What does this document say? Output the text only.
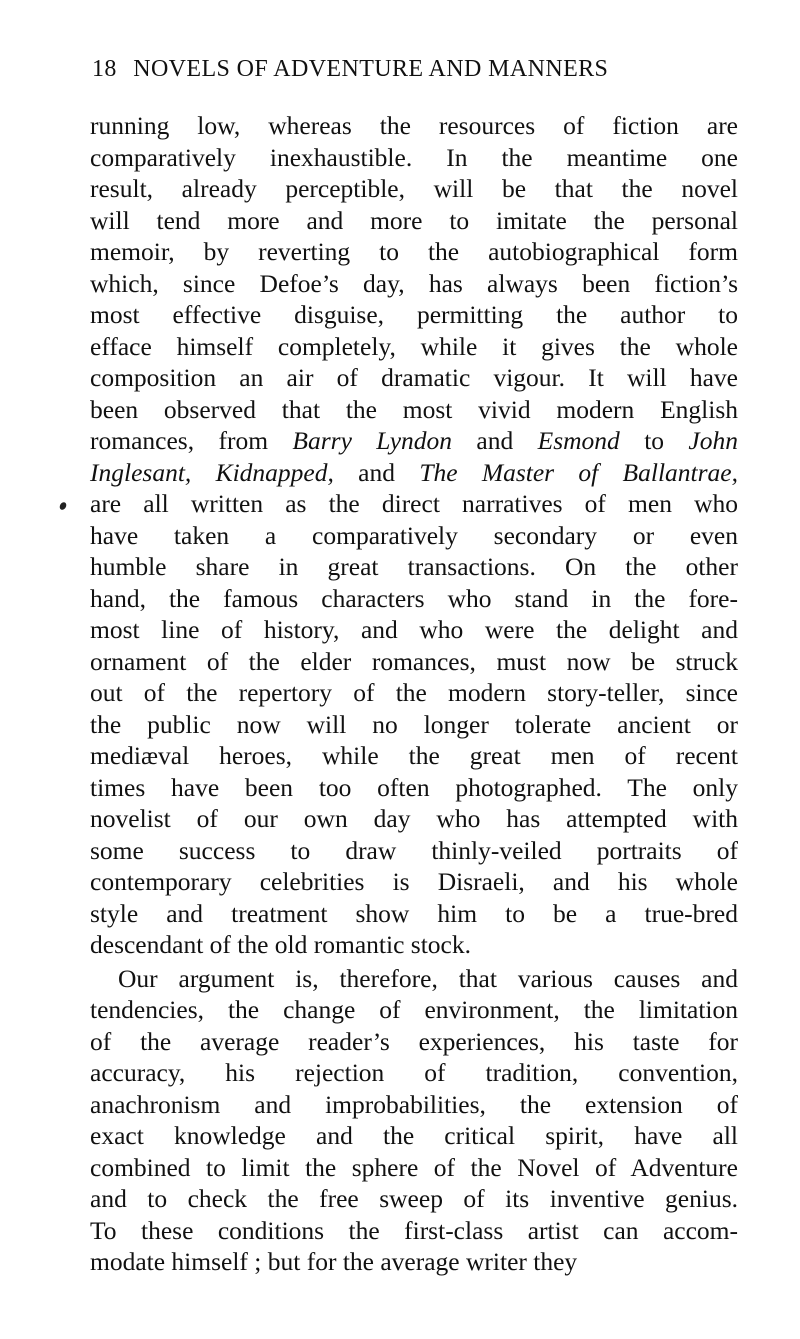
18 NOVELS OF ADVENTURE AND MANNERS
running low, whereas the resources of fiction are
comparatively inexhaustible. In the meantime one
result, already perceptible, will be that the novel
will tend more and more to imitate the personal
memoir, by reverting to the autobiographical form
which, since Defoe’s day, has always been fiction’s
most effective disguise, permitting the author to
efface himself completely, while it gives the whole
composition an air of dramatic vigour. It will have
been observed that the most vivid modern English
romances, from Barry Lyndon and Esmond to John
Inglesant, Kidnapped, and The Master of Ballantrae,
are all written as the direct narratives of men who
have taken a comparatively secondary or even
humble share in great transactions. On the other
hand, the famous characters who stand in the fore-
most line of history, and who were the delight and
ornament of the elder romances, must now be struck
out of the repertory of the modern story-teller, since
the public now will no longer tolerate ancient or
mediæval heroes, while the great men of recent
times have been too often photographed. The only
novelist of our own day who has attempted with
some success to draw thinly-veiled portraits of
contemporary celebrities is Disraeli, and his whole
style and treatment show him to be a true-bred
descendant of the old romantic stock.
Our argument is, therefore, that various causes and
tendencies, the change of environment, the limitation
of the average reader’s experiences, his taste for
accuracy, his rejection of tradition, convention,
anachronism and improbabilities, the extension of
exact knowledge and the critical spirit, have all
combined to limit the sphere of the Novel of Adventure
and to check the free sweep of its inventive genius.
To these conditions the first-class artist can accom-
modate himself ; but for the average writer they
